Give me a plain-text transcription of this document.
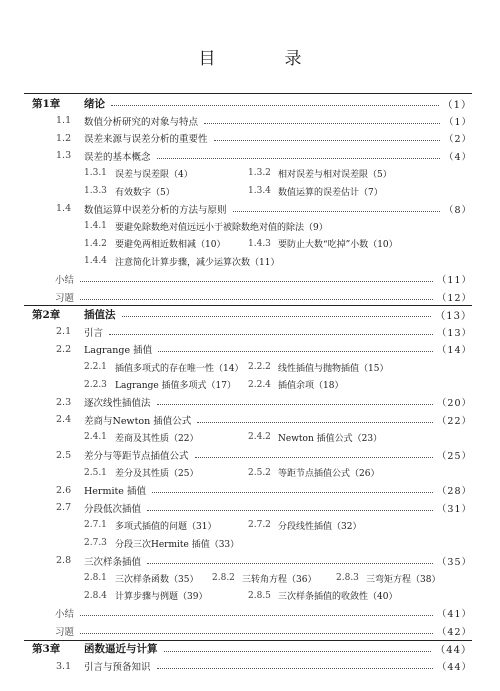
目　录
第1章 绪论	（1）
1.1 数值分析研究的对象与特点	（1）
1.2 误差来源与误差分析的重要性	（2）
1.3 误差的基本概念	（4）
1.3.1 误差与误差限（4）	1.3.2 相对误差与相对误差限（5）
1.3.3 有效数字（5）	1.3.4 数值运算的误差估计（7）
1.4 数值运算中误差分析的方法与原则	（8）
1.4.1 要避免除数绝对值远远小于被除数绝对值的除法（9）
1.4.2 要避免两相近数相减（10）	1.4.3 要防止大数“吃掉”小数（10）
1.4.4 注意简化计算步骤，减少运算次数（11）
小结	（11）
习题	（12）
第2章 插值法	（13）
2.1 引言	（13）
2.2 Lagrange 插值	（14）
2.2.1 插值多项式的存在唯一性（14） 2.2.2 线性插值与抛物插值（15）
2.2.3 Lagrange 插值多项式（17） 2.2.4 插值余项（18）
2.3 逐次线性插值法	（20）
2.4 差商与Newton 插值公式	（22）
2.4.1 差商及其性质（22）	2.4.2 Newton 插值公式（23）
2.5 差分与等距节点插值公式	（25）
2.5.1 差分及其性质（25）	2.5.2 等距节点插值公式（26）
2.6 Hermite 插值	（28）
2.7 分段低次插值	（31）
2.7.1 多项式插值的问题（31）	2.7.2 分段线性插值（32）
2.7.3 分段三次Hermite 插值（33）
2.8 三次样条插值	（35）
2.8.1 三次样条函数（35） 2.8.2 三转角方程（36） 2.8.3 三弯矩方程（38）
2.8.4 计算步骤与例题（39）	2.8.5 三次样条插值的收敛性（40）
小结	（41）
习题	（42）
第3章 函数逼近与计算	（44）
3.1 引言与预备知识	（44）
